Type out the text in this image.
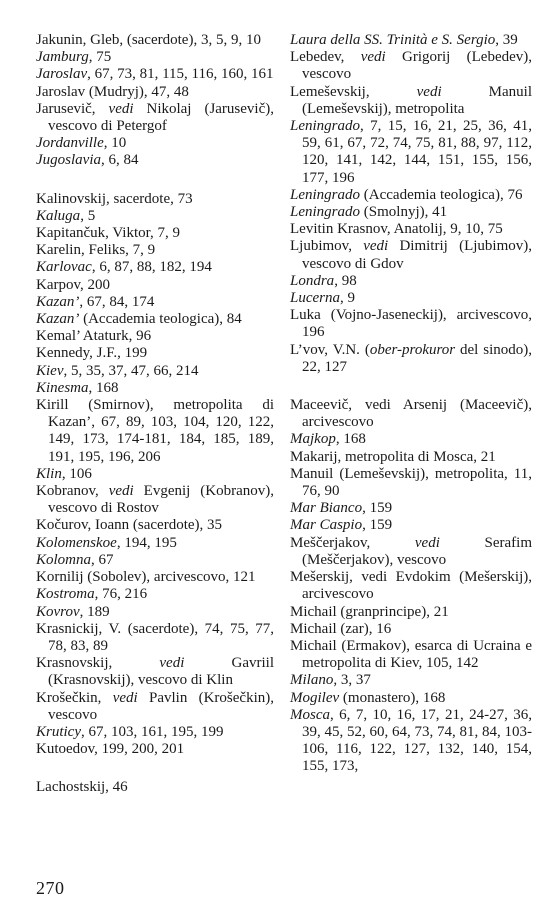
Jakunin, Gleb, (sacerdote), 3, 5, 9, 10

Jamburg, 75

Jaroslav, 67, 73, 81, 115, 116, 160, 161

Jaroslav (Mudryj), 47, 48

Jarusevič, vedi Nikolaj (Jarusevič), vescovo di Petergof

Jordanville, 10

Jugoslavia, 6, 84

Kalinovskij, sacerdote, 73

Kaluga, 5

Kapitančuk, Viktor, 7, 9

Karelin, Feliks, 7, 9

Karlovac, 6, 87, 88, 182, 194

Karpov, 200

Kazan’, 67, 84, 174

Kazan’ (Accademia teologica), 84

Kemal’ Ataturk, 96

Kennedy, J.F., 199

Kiev, 5, 35, 37, 47, 66, 214

Kinesma, 168

Kirill (Smirnov), metropolita di Kazan’, 67, 89, 103, 104, 120, 122, 149, 173, 174-181, 184, 185, 189, 191, 195, 196, 206

Klin, 106

Kobranov, vedi Evgenij (Kobranov), vescovo di Rostov

Kočurov, Ioann (sacerdote), 35

Kolomenskoe, 194, 195

Kolomna, 67

Kornilij (Sobolev), arcivescovo, 121

Kostroma, 76, 216

Kovrov, 189

Krasnickij, V. (sacerdote), 74, 75, 77, 78, 83, 89

Krasnovskij, vedi Gavriil (Krasnovskij), vescovo di Klin

Krošečkin, vedi Pavlin (Krošečkin), vescovo

Kruticy, 67, 103, 161, 195, 199

Kutoedov, 199, 200, 201

Lachostskij, 46

Laura della SS. Trinità e S. Sergio, 39

Lebedev, vedi Grigorij (Lebedev), vescovo

Lemeševskij, vedi Manuil (Lemeševskij), metropolita

Leningrado, 7, 15, 16, 21, 25, 36, 41, 59, 61, 67, 72, 74, 75, 81, 88, 97, 112, 120, 141, 142, 144, 151, 155, 156, 177, 196

Leningrado (Accademia teologica), 76

Leningrado (Smolnyj), 41

Levitin Krasnov, Anatolij, 9, 10, 75

Ljubimov, vedi Dimitrij (Ljubimov), vescovo di Gdov

Londra, 98

Lucerna, 9

Luka (Vojno-Jaseneckij), arcivescovo, 196

L’vov, V.N. (ober-prokuror del sinodo), 22, 127

Maceevič, vedi Arsenij (Maceevič), arcivescovo

Majkop, 168

Makarij, metropolita di Mosca, 21

Manuil (Lemeševskij), metropolita, 11, 76, 90

Mar Bianco, 159

Mar Caspio, 159

Meščerjakov, vedi Serafim (Meščerjakov), vescovo

Mešerskij, vedi Evdokim (Mešerskij), arcivescovo

Michail (granprincipe), 21

Michail (zar), 16

Michail (Ermakov), esarca di Ucraina e metropolita di Kiev, 105, 142

Milano, 3, 37

Mogilev (monastero), 168

Mosca, 6, 7, 10, 16, 17, 21, 24-27, 36, 39, 45, 52, 60, 64, 73, 74, 81, 84, 103-106, 116, 122, 127, 132, 140, 154, 155, 173,

270
